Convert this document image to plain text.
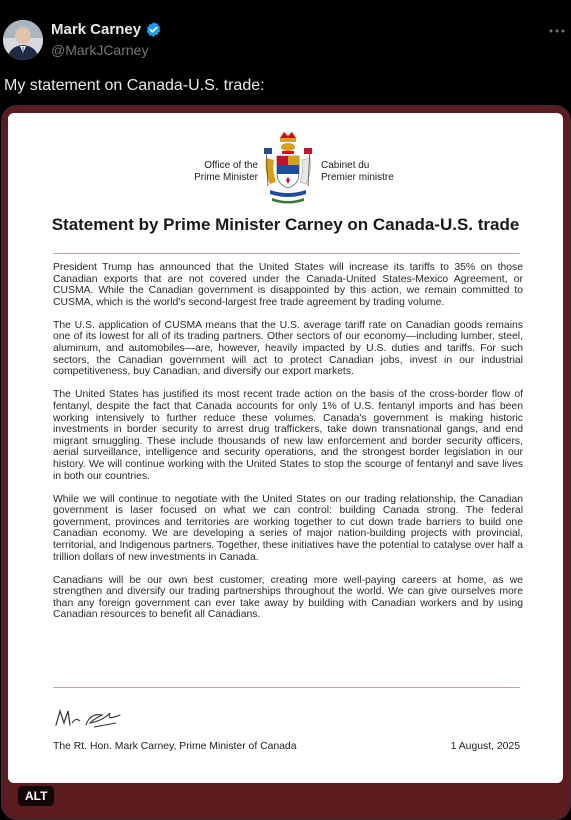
Mark Carney
@MarkJCarney
My statement on Canada-U.S. trade:
Office of the
Prime Minister
Cabinet du
Premier ministre
Statement by Prime Minister Carney on Canada-U.S. trade

President Trump has announced that the United States will increase its tariffs to 35% on those Canadian exports that are not covered under the Canada-United States-Mexico Agreement, or CUSMA. While the Canadian government is disappointed by this action, we remain committed to CUSMA, which is the world's second-largest free trade agreement by trading volume.

The U.S. application of CUSMA means that the U.S. average tariff rate on Canadian goods remains one of its lowest for all of its trading partners. Other sectors of our economy—including lumber, steel, aluminum, and automobiles—are, however, heavily impacted by U.S. duties and tariffs. For such sectors, the Canadian government will act to protect Canadian jobs, invest in our industrial competitiveness, buy Canadian, and diversify our export markets.

The United States has justified its most recent trade action on the basis of the cross-border flow of fentanyl, despite the fact that Canada accounts for only 1% of U.S. fentanyl imports and has been working intensively to further reduce these volumes. Canada's government is making historic investments in border security to arrest drug traffickers, take down transnational gangs, and end migrant smuggling. These include thousands of new law enforcement and border security officers, aerial surveillance, intelligence and security operations, and the strongest border legislation in our history. We will continue working with the United States to stop the scourge of fentanyl and save lives in both our countries.

While we will continue to negotiate with the United States on our trading relationship, the Canadian government is laser focused on what we can control: building Canada strong. The federal government, provinces and territories are working together to cut down trade barriers to build one Canadian economy. We are developing a series of major nation-building projects with provincial, territorial, and Indigenous partners. Together, these initiatives have the potential to catalyse over half a trillion dollars of new investments in Canada.

Canadians will be our own best customer, creating more well-paying careers at home, as we strengthen and diversify our trading partnerships throughout the world. We can give ourselves more than any foreign government can ever take away by building with Canadian workers and by using Canadian resources to benefit all Canadians.

The Rt. Hon. Mark Carney, Prime Minister of Canada	1 August, 2025
ALT
